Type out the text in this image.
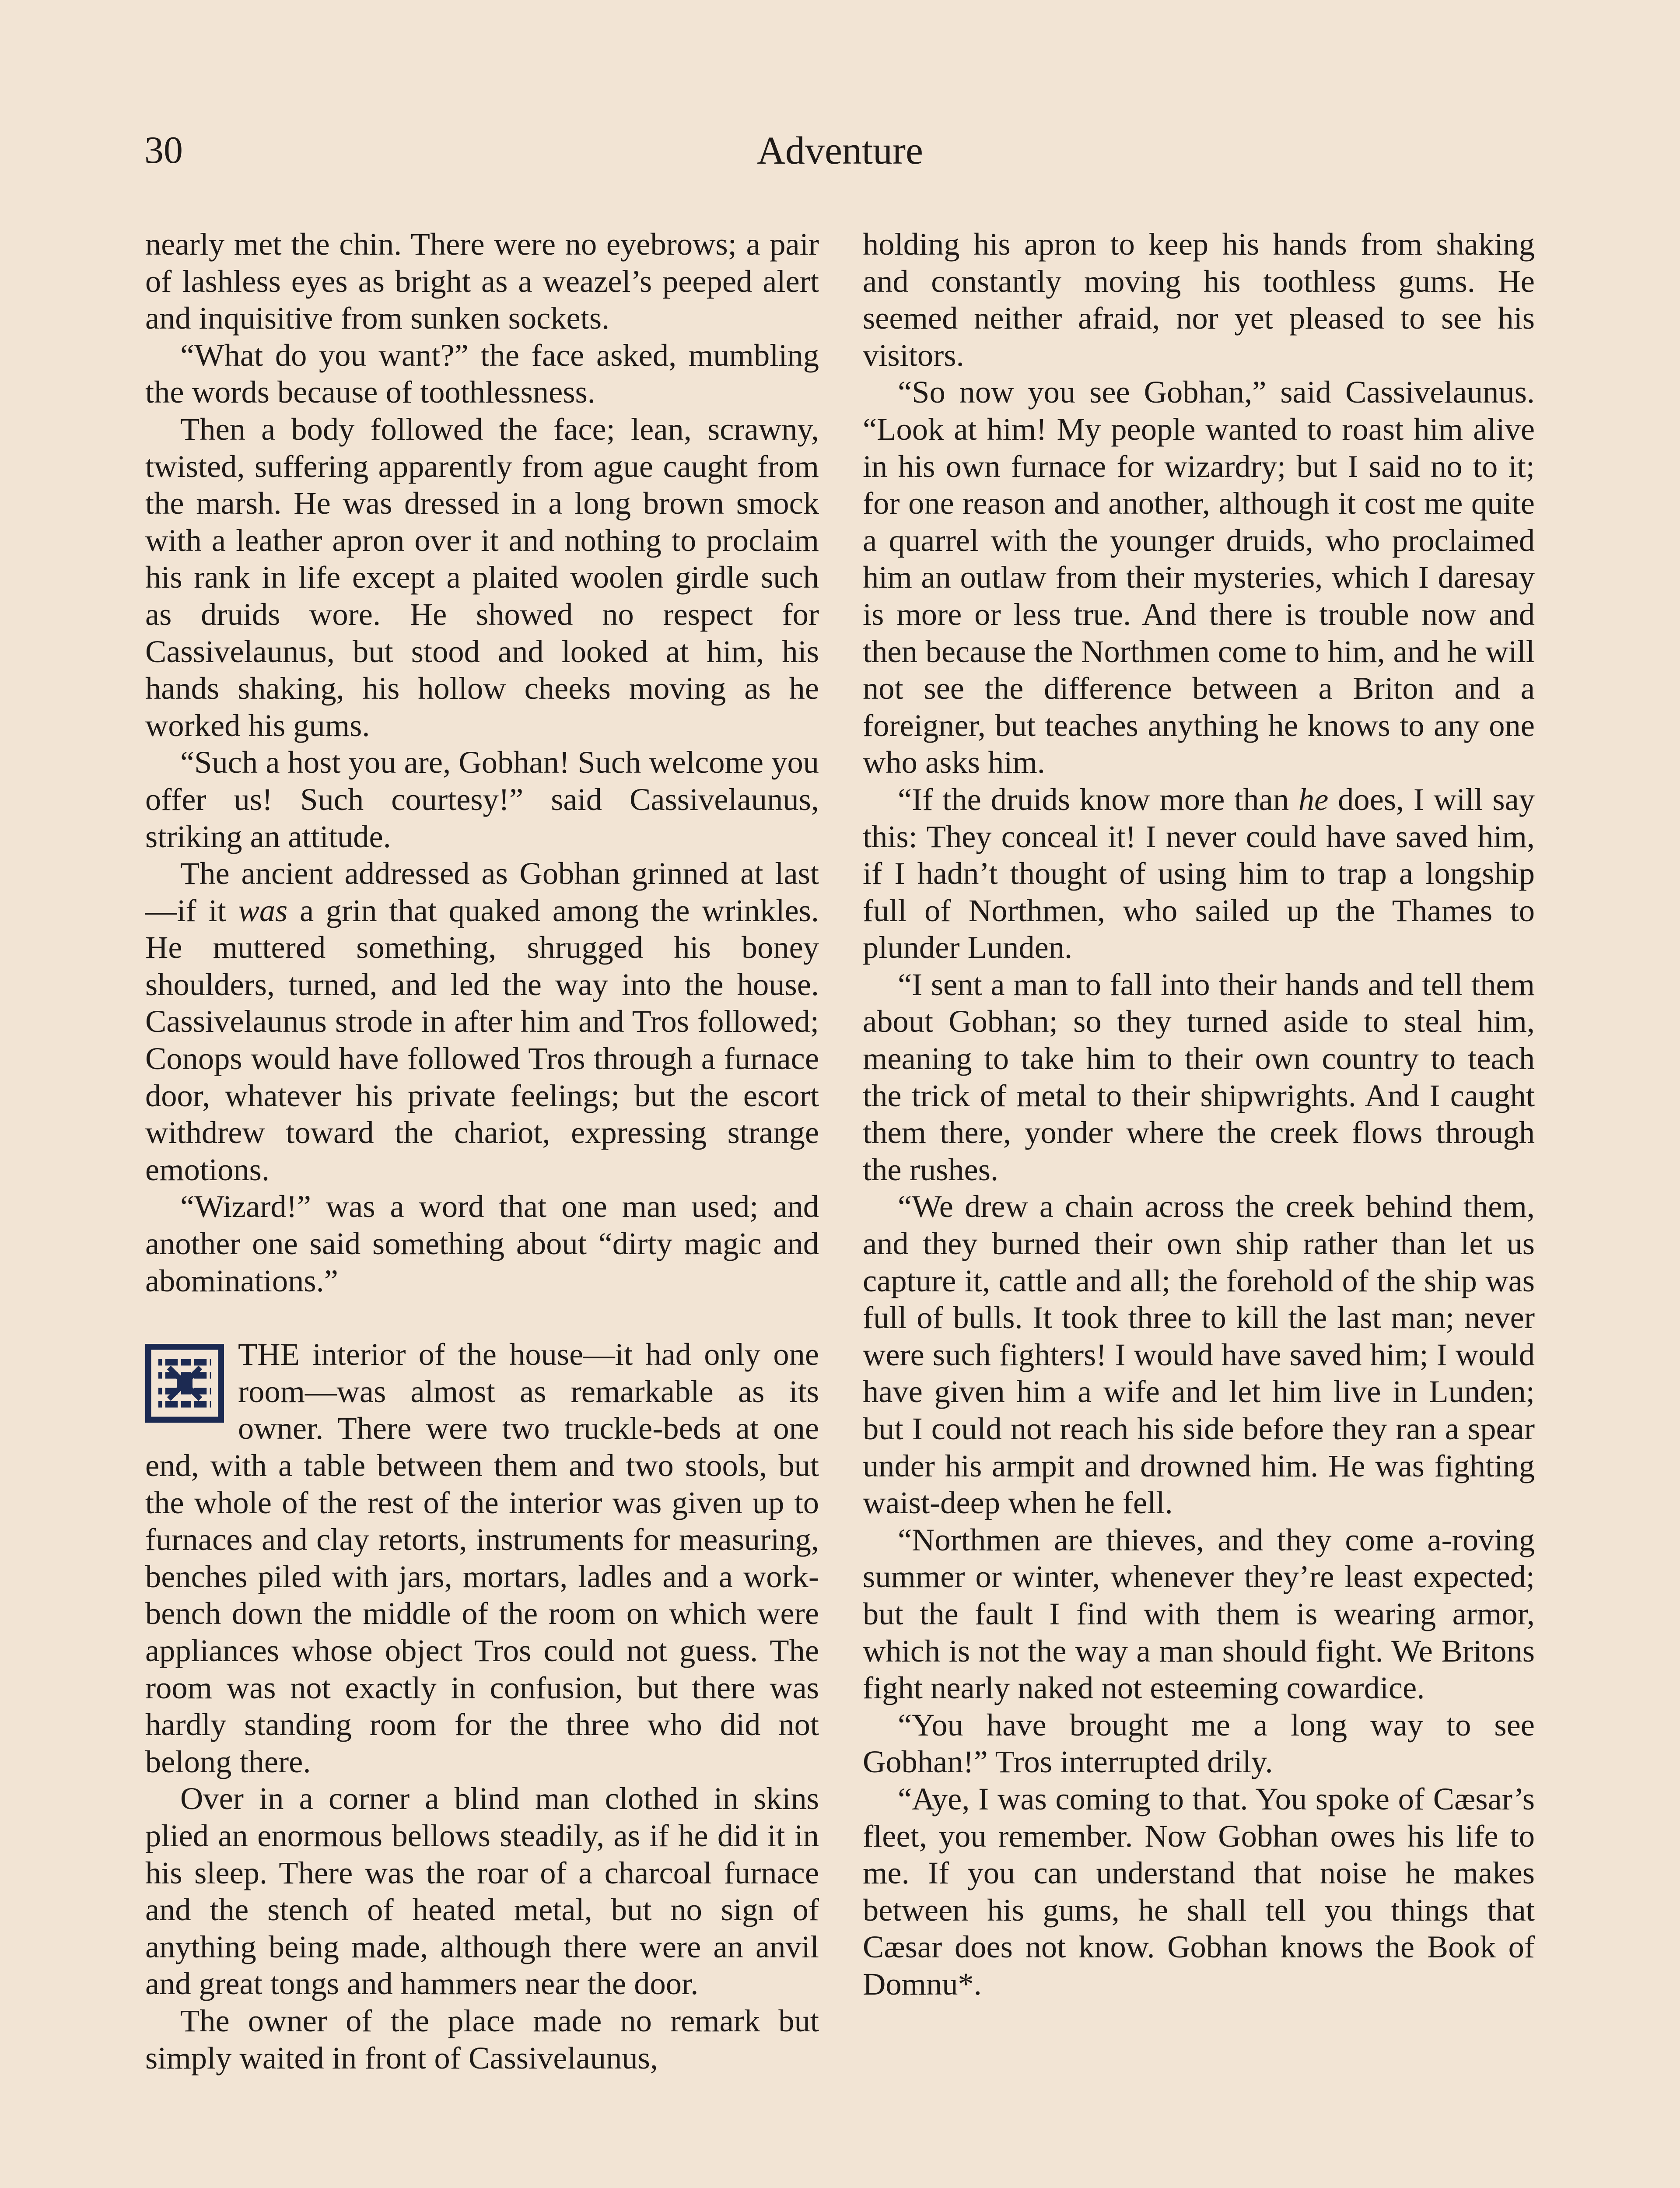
30	Adventure

nearly met the chin. There were no eyebrows; a pair of lashless eyes as bright as a weazel’s peeped alert and inquisitive from sunken sockets.

“What do you want?” the face asked, mumbling the words because of toothlessness.

Then a body followed the face; lean, scrawny, twisted, suffering apparently from ague caught from the marsh. He was dressed in a long brown smock with a leather apron over it and nothing to proclaim his rank in life except a plaited woolen girdle such as druids wore. He showed no respect for Cassivelaunus, but stood and looked at him, his hands shaking, his hollow cheeks moving as he worked his gums.

“Such a host you are, Gobhan! Such welcome you offer us! Such courtesy!” said Cassivelaunus, striking an attitude.

The ancient addressed as Gobhan grinned at last—if it was a grin that quaked among the wrinkles. He muttered something, shrugged his boney shoulders, turned, and led the way into the house. Cassivelaunus strode in after him and Tros followed; Conops would have followed Tros through a furnace door, whatever his private feelings; but the escort withdrew toward the chariot, expressing strange emotions.

“Wizard!” was a word that one man used; and another one said something about “dirty magic and abominations.”

THE interior of the house—it had only one room—was almost as remarkable as its owner. There were two truckle-beds at one end, with a table between them and two stools, but the whole of the rest of the interior was given up to furnaces and clay retorts, instruments for measuring, benches piled with jars, mortars, ladles and a work-bench down the middle of the room on which were appliances whose object Tros could not guess. The room was not exactly in confusion, but there was hardly standing room for the three who did not belong there.

Over in a corner a blind man clothed in skins plied an enormous bellows steadily, as if he did it in his sleep. There was the roar of a charcoal furnace and the stench of heated metal, but no sign of anything being made, although there were an anvil and great tongs and hammers near the door.

The owner of the place made no remark but simply waited in front of Cassivelaunus,

holding his apron to keep his hands from shaking and constantly moving his toothless gums. He seemed neither afraid, nor yet pleased to see his visitors.

“So now you see Gobhan,” said Cassivelaunus. “Look at him! My people wanted to roast him alive in his own furnace for wizardry; but I said no to it; for one reason and another, although it cost me quite a quarrel with the younger druids, who proclaimed him an outlaw from their mysteries, which I daresay is more or less true. And there is trouble now and then because the Northmen come to him, and he will not see the difference between a Briton and a foreigner, but teaches anything he knows to any one who asks him.

“If the druids know more than he does, I will say this: They conceal it! I never could have saved him, if I hadn’t thought of using him to trap a longship full of Northmen, who sailed up the Thames to plunder Lunden.

“I sent a man to fall into their hands and tell them about Gobhan; so they turned aside to steal him, meaning to take him to their own country to teach the trick of metal to their shipwrights. And I caught them there, yonder where the creek flows through the rushes.

“We drew a chain across the creek behind them, and they burned their own ship rather than let us capture it, cattle and all; the forehold of the ship was full of bulls. It took three to kill the last man; never were such fighters! I would have saved him; I would have given him a wife and let him live in Lunden; but I could not reach his side before they ran a spear under his armpit and drowned him. He was fighting waist-deep when he fell.

“Northmen are thieves, and they come a-roving summer or winter, whenever they’re least expected; but the fault I find with them is wearing armor, which is not the way a man should fight. We Britons fight nearly naked not esteeming cowardice.

“You have brought me a long way to see Gobhan!” Tros interrupted drily.

“Aye, I was coming to that. You spoke of Cæsar’s fleet, you remember. Now Gobhan owes his life to me. If you can understand that noise he makes between his gums, he shall tell you things that Cæsar does not know. Gobhan knows the Book of Domnu*.
